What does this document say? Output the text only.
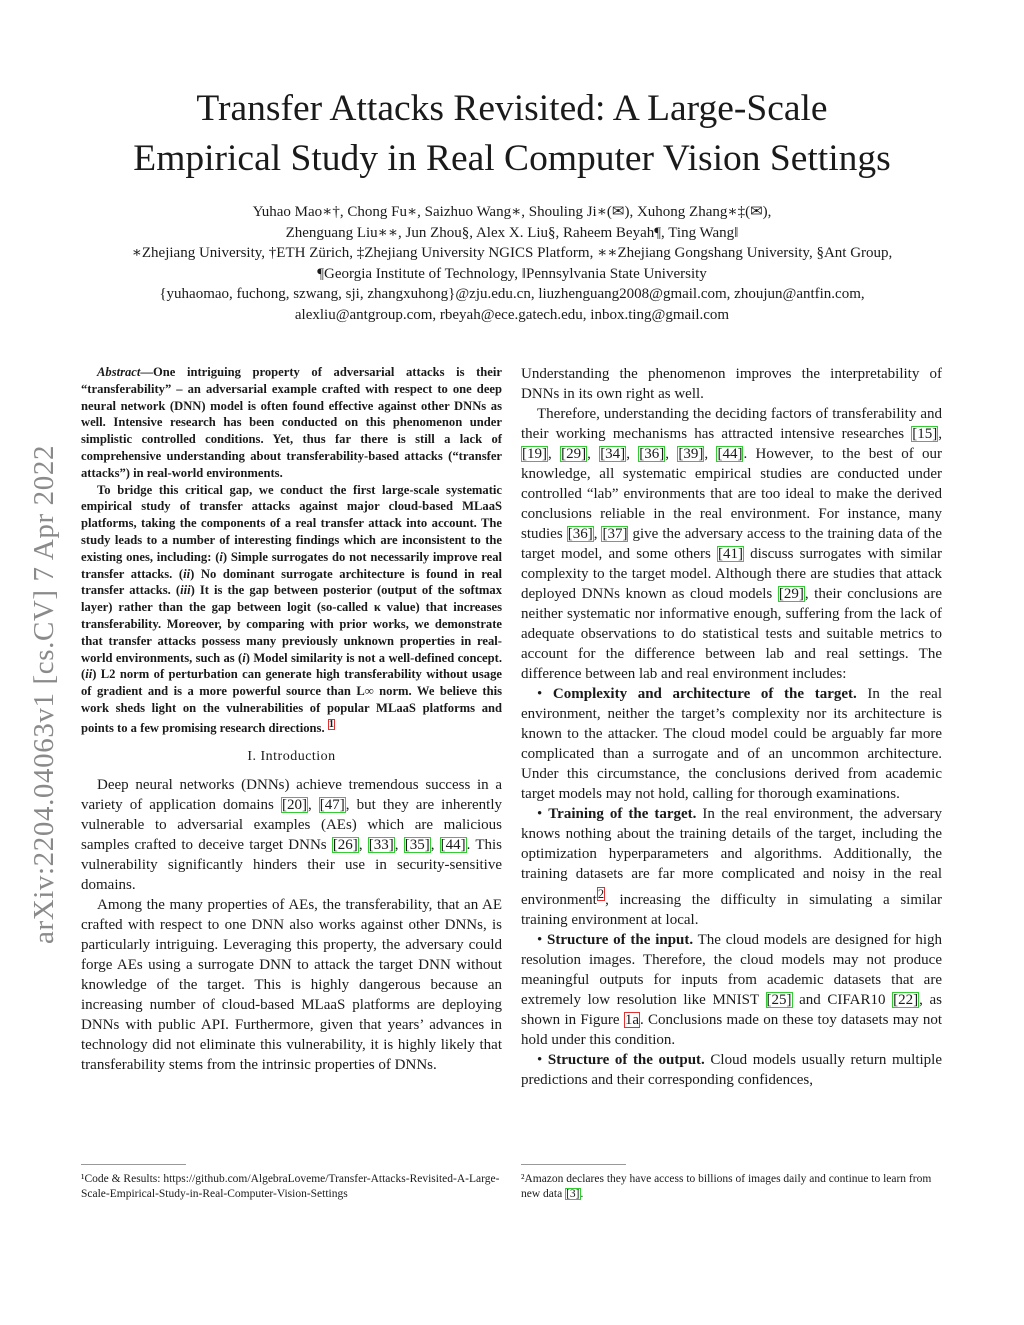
Transfer Attacks Revisited: A Large-Scale
Empirical Study in Real Computer Vision Settings
Yuhao Mao∗†, Chong Fu∗, Saizhuo Wang∗, Shouling Ji∗(✉), Xuhong Zhang∗‡(✉),
Zhenguang Liu∗∗, Jun Zhou§, Alex X. Liu§, Raheem Beyah¶, Ting Wang‖
∗Zhejiang University, †ETH Zürich, ‡Zhejiang University NGICS Platform, ∗∗Zhejiang Gongshang University, §Ant Group,
¶Georgia Institute of Technology, ‖Pennsylvania State University
{yuhaomao, fuchong, szwang, sji, zhangxuhong}@zju.edu.cn, liuzhenguang2008@gmail.com, zhoujun@antfin.com,
alexliu@antgroup.com, rbeyah@ece.gatech.edu, inbox.ting@gmail.com
arXiv:2204.04063v1 [cs.CV] 7 Apr 2022

Abstract—One intriguing property of adversarial attacks is their “transferability” – an adversarial example crafted with respect to one deep neural network (DNN) model is often found effective against other DNNs as well. Intensive research has been conducted on this phenomenon under simplistic controlled conditions. Yet, thus far there is still a lack of comprehensive understanding about transferability-based attacks (“transfer attacks”) in real-world environments.

To bridge this critical gap, we conduct the first large-scale systematic empirical study of transfer attacks against major cloud-based MLaaS platforms, taking the components of a real transfer attack into account. The study leads to a number of interesting findings which are inconsistent to the existing ones, including: (i) Simple surrogates do not necessarily improve real transfer attacks. (ii) No dominant surrogate architecture is found in real transfer attacks. (iii) It is the gap between posterior (output of the softmax layer) rather than the gap between logit (so-called κ value) that increases transferability. Moreover, by comparing with prior works, we demonstrate that transfer attacks possess many previously unknown properties in real-world environments, such as (i) Model similarity is not a well-defined concept. (ii) L2 norm of perturbation can generate high transferability without usage of gradient and is a more powerful source than L∞ norm. We believe this work sheds light on the vulnerabilities of popular MLaaS platforms and points to a few promising research directions. $^1$

I. Introduction

Deep neural networks (DNNs) achieve tremendous success in a variety of application domains [20], [47], but they are inherently vulnerable to adversarial examples (AEs) which are malicious samples crafted to deceive target DNNs [26], [33], [35], [44]. This vulnerability significantly hinders their use in security-sensitive domains.

Among the many properties of AEs, the transferability, that an AE crafted with respect to one DNN also works against other DNNs, is particularly intriguing. Leveraging this property, the adversary could forge AEs using a surrogate DNN to attack the target DNN without knowledge of the target. This is highly dangerous because an increasing number of cloud-based MLaaS platforms are deploying DNNs with public API. Furthermore, given that years’ advances in technology did not eliminate this vulnerability, it is highly likely that transferability stems from the intrinsic properties of DNNs.

Understanding the phenomenon improves the interpretability of DNNs in its own right as well.

Therefore, understanding the deciding factors of transferability and their working mechanisms has attracted intensive researches [15], [19], [29], [34], [36], [39], [44]. However, to the best of our knowledge, all systematic empirical studies are conducted under controlled “lab” environments that are too ideal to make the derived conclusions reliable in the real environment. For instance, many studies [36], [37] give the adversary access to the training data of the target model, and some others [41] discuss surrogates with similar complexity to the target model. Although there are studies that attack deployed DNNs known as cloud models [29], their conclusions are neither systematic nor informative enough, suffering from the lack of adequate observations to do statistical tests and suitable metrics to account for the difference between lab and real settings. The difference between lab and real environment includes:

• Complexity and architecture of the target. In the real environment, neither the target’s complexity nor its architecture is known to the attacker. The cloud model could be arguably far more complicated than a surrogate and of an uncommon architecture. Under this circumstance, the conclusions derived from academic target models may not hold, calling for thorough examinations.

• Training of the target. In the real environment, the adversary knows nothing about the training details of the target, including the optimization hyperparameters and algorithms. Additionally, the training datasets are far more complicated and noisy in the real environment$^2$, increasing the difficulty in simulating a similar training environment at local.

• Structure of the input. The cloud models are designed for high resolution images. Therefore, the cloud models may not produce meaningful outputs for inputs from academic datasets that are extremely low resolution like MNIST [25] and CIFAR10 [22], as shown in Figure 1a. Conclusions made on these toy datasets may not hold under this condition.

• Structure of the output. Cloud models usually return multiple predictions and their corresponding confidences,

¹Code & Results: https://github.com/AlgebraLoveme/Transfer-Attacks-Revisited-A-Large-Scale-Empirical-Study-in-Real-Computer-Vision-Settings
²Amazon declares they have access to billions of images daily and continue to learn from new data [3].
